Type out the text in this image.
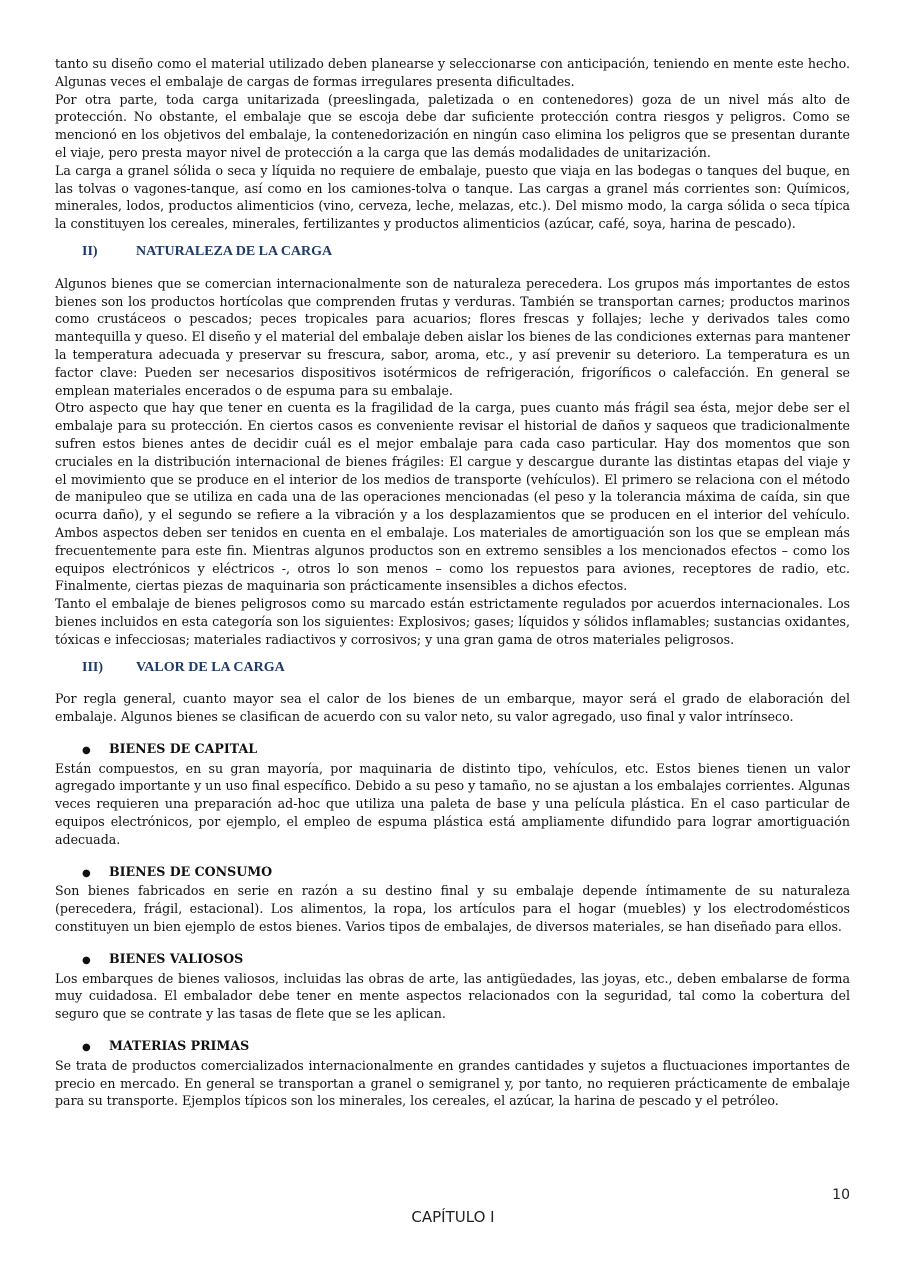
tanto su diseño como el material utilizado deben planearse y seleccionarse con anticipación, teniendo en mente este hecho. Algunas veces el embalaje de cargas de formas irregulares presenta dificultades.

Por otra parte, toda carga unitarizada (preeslingada, paletizada o en contenedores) goza de un nivel más alto de protección. No obstante, el embalaje que se escoja debe dar suficiente protección contra riesgos y peligros. Como se mencionó en los objetivos del embalaje, la contenedorización en ningún caso elimina los peligros que se presentan durante el viaje, pero presta mayor nivel de protección a la carga que las demás modalidades de unitarización.

La carga a granel sólida o seca y líquida no requiere de embalaje, puesto que viaja en las bodegas o tanques del buque, en las tolvas o vagones-tanque, así como en los camiones-tolva o tanque. Las cargas a granel más corrientes son: Químicos, minerales, lodos, productos alimenticios (vino, cerveza, leche, melazas, etc.). Del mismo modo, la carga sólida o seca típica la constituyen los cereales, minerales, fertilizantes y productos alimenticios (azúcar, café, soya, harina de pescado).

II)	NATURALEZA DE LA CARGA

Algunos bienes que se comercian internacionalmente son de naturaleza perecedera. Los grupos más importantes de estos bienes son los productos hortícolas que comprenden frutas y verduras. También se transportan carnes; productos marinos como crustáceos o pescados; peces tropicales para acuarios; flores frescas y follajes; leche y derivados tales como mantequilla y queso. El diseño y el material del embalaje deben aislar los bienes de las condiciones externas para mantener la temperatura adecuada y preservar su frescura, sabor, aroma, etc., y así prevenir su deterioro. La temperatura es un factor clave: Pueden ser necesarios dispositivos isotérmicos de refrigeración, frigoríficos o calefacción. En general se emplean materiales encerados o de espuma para su embalaje.

Otro aspecto que hay que tener en cuenta es la fragilidad de la carga, pues cuanto más frágil sea ésta, mejor debe ser el embalaje para su protección. En ciertos casos es conveniente revisar el historial de daños y saqueos que tradicionalmente sufren estos bienes antes de decidir cuál es el mejor embalaje para cada caso particular. Hay dos momentos que son cruciales en la distribución internacional de bienes frágiles: El cargue y descargue durante las distintas etapas del viaje y el movimiento que se produce en el interior de los medios de transporte (vehículos). El primero se relaciona con el método de manipuleo que se utiliza en cada una de las operaciones mencionadas (el peso y la tolerancia máxima de caída, sin que ocurra daño), y el segundo se refiere a la vibración y a los desplazamientos que se producen en el interior del vehículo. Ambos aspectos deben ser tenidos en cuenta en el embalaje. Los materiales de amortiguación son los que se emplean más frecuentemente para este fin. Mientras algunos productos son en extremo sensibles a los mencionados efectos – como los equipos electrónicos y eléctricos -, otros lo son menos – como los repuestos para aviones, receptores de radio, etc. Finalmente, ciertas piezas de maquinaria son prácticamente insensibles a dichos efectos.

Tanto el embalaje de bienes peligrosos como su marcado están estrictamente regulados por acuerdos internacionales. Los bienes incluidos en esta categoría son los siguientes: Explosivos; gases; líquidos y sólidos inflamables; sustancias oxidantes, tóxicas e infecciosas; materiales radiactivos y corrosivos; y una gran gama de otros materiales peligrosos.

III)	VALOR DE LA CARGA

Por regla general, cuanto mayor sea el calor de los bienes de un embarque, mayor será el grado de elaboración del embalaje. Algunos bienes se clasifican de acuerdo con su valor neto, su valor agregado, uso final y valor intrínseco.

●	BIENES DE CAPITAL

Están compuestos, en su gran mayoría, por maquinaria de distinto tipo, vehículos, etc. Estos bienes tienen un valor agregado importante y un uso final específico. Debido a su peso y tamaño, no se ajustan a los embalajes corrientes. Algunas veces requieren una preparación ad-hoc que utiliza una paleta de base y una película plástica. En el caso particular de equipos electrónicos, por ejemplo, el empleo de espuma plástica está ampliamente difundido para lograr amortiguación adecuada.

●	BIENES DE CONSUMO

Son bienes fabricados en serie en razón a su destino final y su embalaje depende íntimamente de su naturaleza (perecedera, frágil, estacional). Los alimentos, la ropa, los artículos para el hogar (muebles) y los electrodomésticos constituyen un bien ejemplo de estos bienes. Varios tipos de embalajes, de diversos materiales, se han diseñado para ellos.

●	BIENES VALIOSOS

Los embarques de bienes valiosos, incluidas las obras de arte, las antigüedades, las joyas, etc., deben embalarse de forma muy cuidadosa. El embalador debe tener en mente aspectos relacionados con la seguridad, tal como la cobertura del seguro que se contrate y las tasas de flete que se les aplican.

●	MATERIAS PRIMAS

Se trata de productos comercializados internacionalmente en grandes cantidades y sujetos a fluctuaciones importantes de precio en mercado. En general se transportan a granel o semigranel y, por tanto, no requieren prácticamente de embalaje para su transporte. Ejemplos típicos son los minerales, los cereales, el azúcar, la harina de pescado y el petróleo.

10
CAPÍTULO I
